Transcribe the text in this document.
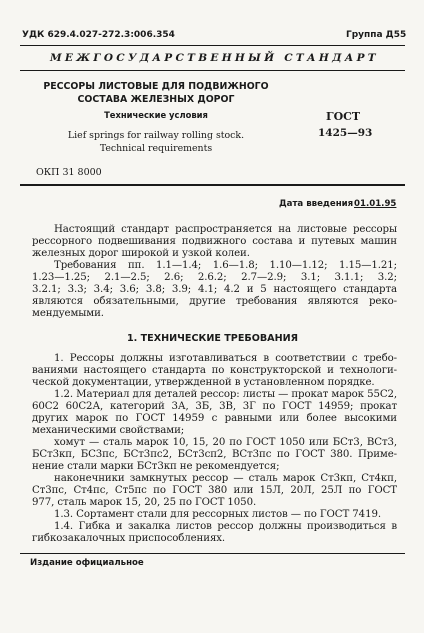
УДК 629.4.027-272.3:006.354	Группа Д55
МЕЖГОСУДАРСТВЕННЫЙ СТАНДАРТ
РЕССОРЫ ЛИСТОВЫЕ ДЛЯ ПОДВИЖНОГО
СОСТАВА ЖЕЛЕЗНЫХ ДОРОГ
Технические условия
Lief springs for railway rolling stock.
Technical requirements
ГОСТ
1425—93
ОКП 31 8000
Дата введения 01.01.95
Настоящий стандарт распространяется на листовые рессоры
рессорного подвешивания подвижного состава и путевых машин
железных дорог широкой и узкой колеи.
Требования пп. 1.1—1.4; 1.6—1.8; 1.10—1.12; 1.15—1.21;
1.23—1.25; 2.1—2.5; 2.6; 2.6.2; 2.7—2.9; 3.1; 3.1.1; 3.2;
3.2.1; 3.3; 3.4; 3.6; 3.8; 3.9; 4.1; 4.2 и 5 настоящего стандарта
являются обязательными, другие требования являются реко-
мендуемыми.
1. ТЕХНИЧЕСКИЕ ТРЕБОВАНИЯ
1. Рессоры должны изготавливаться в соответствии с требо-
ваниями настоящего стандарта по конструкторской и технологи-
ческой документации, утвержденной в установленном порядке.
1.2. Материал для деталей рессор: листы — прокат марок 55С2,
60С2 60С2А, категорий 3А, 3Б, 3В, 3Г по ГОСТ 14959; прокат
других марок по ГОСТ 14959 с равными или более высокими
механическими свойствами;
хомут — сталь марок 10, 15, 20 по ГОСТ 1050 или БСт3, ВСт3,
БСт3кп, БС3пс, БСт3пс2, БСт3сп2, ВСт3пс по ГОСТ 380. Приме-
нение стали марки БСт3кп не рекомендуется;
наконечники замкнутых рессор — сталь марок Ст3кп, Ст4кп,
Ст3пс, Ст4пс, Ст5пс по ГОСТ 380 или 15Л, 20Л, 25Л по ГОСТ
977, сталь марок 15, 20, 25 по ГОСТ 1050.
1.3. Сортамент стали для рессорных листов — по ГОСТ 7419.
1.4. Гибка и закалка листов рессор должны производиться в
гибкозакалочных приспособлениях.
Издание официальное
